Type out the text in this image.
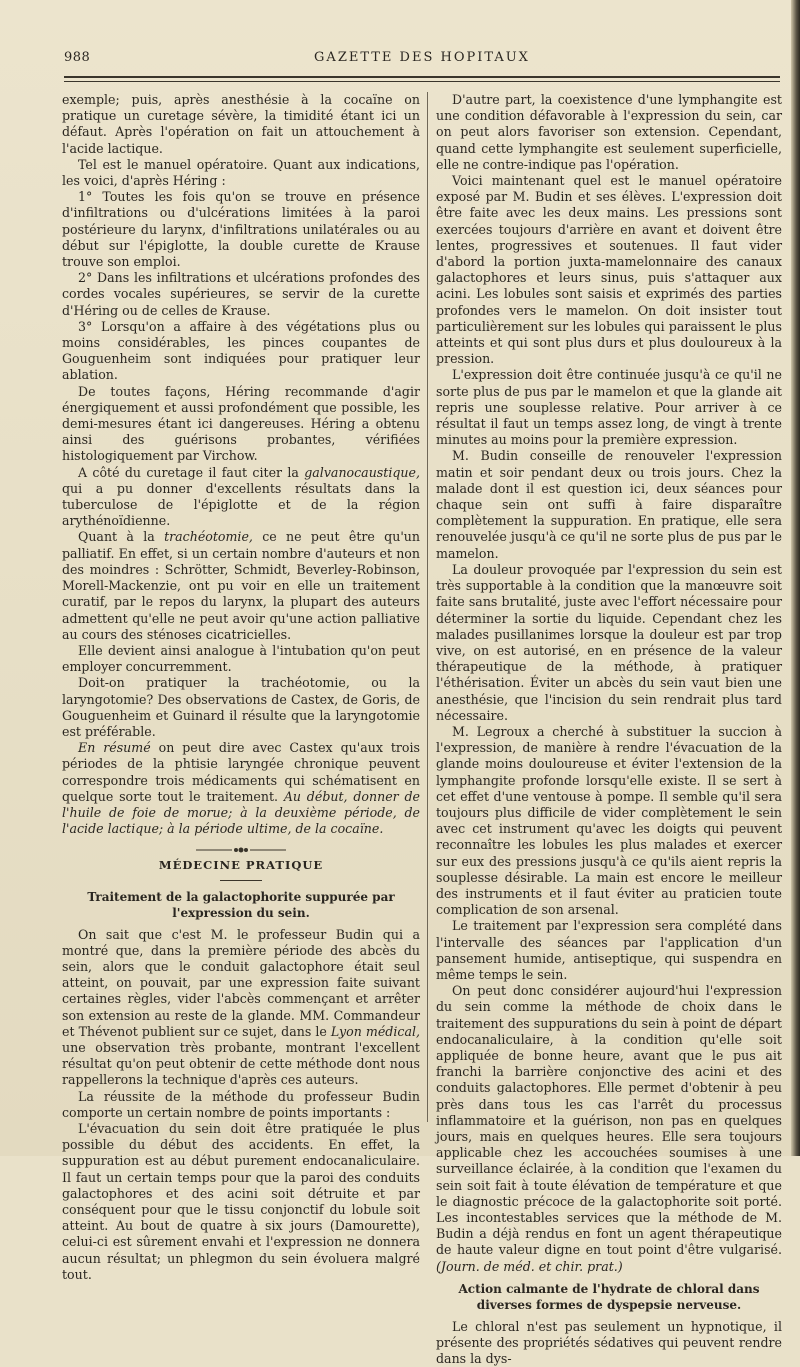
988	GAZETTE DES HOPITAUX

exemple; puis, après anesthésie à la cocaïne on pratique un curetage sévère, la timidité étant ici un défaut. Après l'opération on fait un attouchement à l'acide lactique.

Tel est le manuel opératoire. Quant aux indications, les voici, d'après Héring :

1° Toutes les fois qu'on se trouve en présence d'infiltrations ou d'ulcérations limitées à la paroi postérieure du larynx, d'infiltrations unilatérales ou au début sur l'épiglotte, la double curette de Krause trouve son emploi.

2° Dans les infiltrations et ulcérations profondes des cordes vocales supérieures, se servir de la curette d'Héring ou de celles de Krause.

3° Lorsqu'on a affaire à des végétations plus ou moins considérables, les pinces coupantes de Gouguenheim sont indiquées pour pratiquer leur ablation.

De toutes façons, Héring recommande d'agir énergiquement et aussi profondément que possible, les demi-mesures étant ici dangereuses. Héring a obtenu ainsi des guérisons probantes, vérifiées histologiquement par Virchow.

A côté du curetage il faut citer la galvanocaustique, qui a pu donner d'excellents résultats dans la tuberculose de l'épiglotte et de la région arythénoïdienne.

Quant à la trachéotomie, ce ne peut être qu'un palliatif. En effet, si un certain nombre d'auteurs et non des moindres : Schrötter, Schmidt, Beverley-Robinson, Morell-Mackenzie, ont pu voir en elle un traitement curatif, par le repos du larynx, la plupart des auteurs admettent qu'elle ne peut avoir qu'une action palliative au cours des sténoses cicatricielles.

Elle devient ainsi analogue à l'intubation qu'on peut employer concurremment.

Doit-on pratiquer la trachéotomie, ou la laryngotomie? Des observations de Castex, de Goris, de Gouguenheim et Guinard il résulte que la laryngotomie est préférable.

En résumé on peut dire avec Castex qu'aux trois périodes de la phtisie laryngée chronique peuvent correspondre trois médicaments qui schématisent en quelque sorte tout le traitement. Au début, donner de l'huile de foie de morue; à la deuxième période, de l'acide lactique; à la période ultime, de la cocaïne.

MÉDECINE PRATIQUE
Traitement de la galactophorite suppurée par l'expression du sein.

On sait que c'est M. le professeur Budin qui a montré que, dans la première période des abcès du sein, alors que le conduit galactophore était seul atteint, on pouvait, par une expression faite suivant certaines règles, vider l'abcès commençant et arrêter son extension au reste de la glande. MM. Commandeur et Thévenot publient sur ce sujet, dans le Lyon médical, une observation très probante, montrant l'excellent résultat qu'on peut obtenir de cette méthode dont nous rappellerons la technique d'après ces auteurs.

La réussite de la méthode du professeur Budin comporte un certain nombre de points importants :

L'évacuation du sein doit être pratiquée le plus possible du début des accidents. En effet, la suppuration est au début purement endocanaliculaire. Il faut un certain temps pour que la paroi des conduits galactophores et des acini soit détruite et par conséquent pour que le tissu conjonctif du lobule soit atteint. Au bout de quatre à six jours (Damourette), celui-ci est sûrement envahi et l'expression ne donnera aucun résultat; un phlegmon du sein évoluera malgré tout.

D'autre part, la coexistence d'une lymphangite est une condition défavorable à l'expression du sein, car on peut alors favoriser son extension. Cependant, quand cette lymphangite est seulement superficielle, elle ne contre-indique pas l'opération.

Voici maintenant quel est le manuel opératoire exposé par M. Budin et ses élèves. L'expression doit être faite avec les deux mains. Les pressions sont exercées toujours d'arrière en avant et doivent être lentes, progressives et soutenues. Il faut vider d'abord la portion juxta-mamelonnaire des canaux galactophores et leurs sinus, puis s'attaquer aux acini. Les lobules sont saisis et exprimés des parties profondes vers le mamelon. On doit insister tout particulièrement sur les lobules qui paraissent le plus atteints et qui sont plus durs et plus douloureux à la pression.

L'expression doit être continuée jusqu'à ce qu'il ne sorte plus de pus par le mamelon et que la glande ait repris une souplesse relative. Pour arriver à ce résultat il faut un temps assez long, de vingt à trente minutes au moins pour la première expression.

M. Budin conseille de renouveler l'expression matin et soir pendant deux ou trois jours. Chez la malade dont il est question ici, deux séances pour chaque sein ont suffi à faire disparaître complètement la suppuration. En pratique, elle sera renouvelée jusqu'à ce qu'il ne sorte plus de pus par le mamelon.

La douleur provoquée par l'expression du sein est très supportable à la condition que la manœuvre soit faite sans brutalité, juste avec l'effort nécessaire pour déterminer la sortie du liquide. Cependant chez les malades pusillanimes lorsque la douleur est par trop vive, on est autorisé, en en présence de la valeur thérapeutique de la méthode, à pratiquer l'éthérisation. Éviter un abcès du sein vaut bien une anesthésie, que l'incision du sein rendrait plus tard nécessaire.

M. Legroux a cherché à substituer la succion à l'expression, de manière à rendre l'évacuation de la glande moins douloureuse et éviter l'extension de la lymphangite profonde lorsqu'elle existe. Il se sert à cet effet d'une ventouse à pompe. Il semble qu'il sera toujours plus difficile de vider complètement le sein avec cet instrument qu'avec les doigts qui peuvent reconnaître les lobules les plus malades et exercer sur eux des pressions jusqu'à ce qu'ils aient repris la souplesse désirable. La main est encore le meilleur des instruments et il faut éviter au praticien toute complication de son arsenal.

Le traitement par l'expression sera complété dans l'intervalle des séances par l'application d'un pansement humide, antiseptique, qui suspendra en même temps le sein.

On peut donc considérer aujourd'hui l'expression du sein comme la méthode de choix dans le traitement des suppurations du sein à point de départ endocanaliculaire, à la condition qu'elle soit appliquée de bonne heure, avant que le pus ait franchi la barrière conjonctive des acini et des conduits galactophores. Elle permet d'obtenir à peu près dans tous les cas l'arrêt du processus inflammatoire et la guérison, non pas en quelques jours, mais en quelques heures. Elle sera toujours applicable chez les accouchées soumises à une surveillance éclairée, à la condition que l'examen du sein soit fait à toute élévation de température et que le diagnostic précoce de la galactophorite soit porté. Les incontestables services que la méthode de M. Budin a déjà rendus en font un agent thérapeutique de haute valeur digne en tout point d'être vulgarisé. (Journ. de méd. et chir. prat.)

Action calmante de l'hydrate de chloral dans diverses formes de dyspepsie nerveuse.

Le chloral n'est pas seulement un hypnotique, il présente des propriétés sédatives qui peuvent rendre dans la dys-
